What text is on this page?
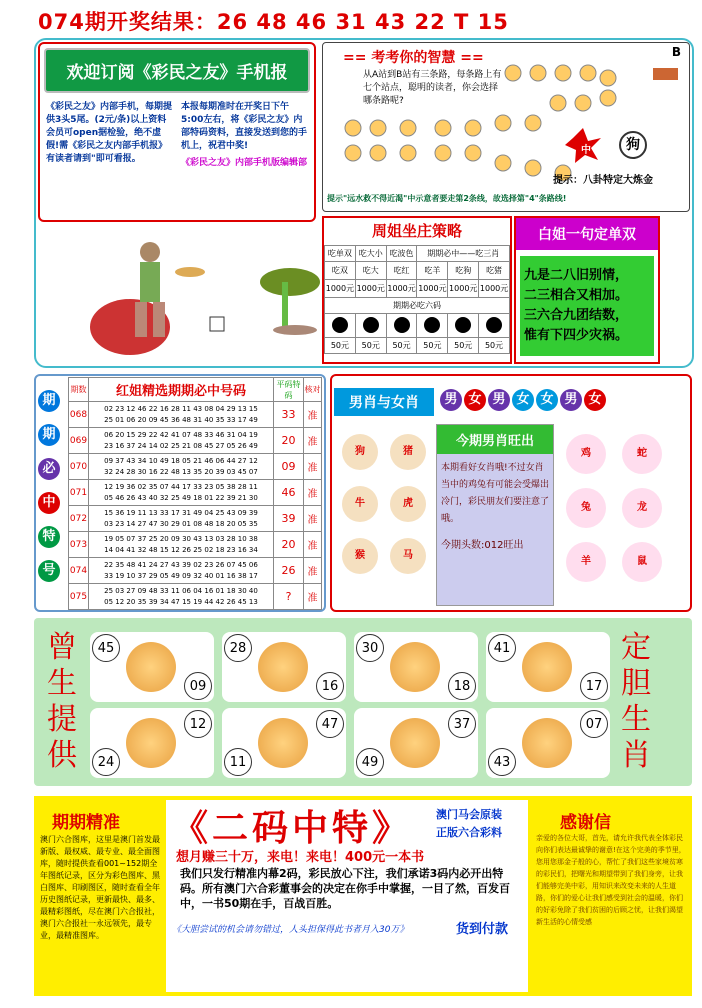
074期开奖结果：26 48 46 31 43 22 T 15
欢迎订阅《彩民之友》手机报
《彩民之友》内部手机，每期提供3头5尾。(2元/条)以上资料会员可open据检验，绝不虚假!需《彩民之友内部手机报》有读者请到"即可看报。
本报每期准时在开奖日下午5:00左右，将《彩民之友》内部特码资料，直接发送到您的手机上，祝君中奖!
《彩民之友》内部手机版编辑部
== 考考你的智慧 ==	B
从A站到B站有三条路，每条路上有七个站点，聪明的读者，你会选择哪条路呢?
中	狗
提示：八卦特定大炼金
提示"远水救不得近渴"中示意者要走第2条线，故选择第"4"条路线!
周姐坐庄策略
吃单双	吃大小	吃波色	期期必中——吃三肖		
吃双	吃大	吃红	吃羊	吃狗	吃猪
1000元	1000元	1000元	1000元	1000元	1000元
期期必吃六码					

50元	50元	50元	50元	50元	50元
白姐一句定单双
九是二八旧别情，
二三相合又相加。
三六合九团结数，
惟有下四少灾祸。
期
期
必
中
特
号
期数	红姐精选期期必中号码	平码特码	核对
068	02 23 12 46 22 16 28 11 43 08 04 29 13 15
25 01 06 20 09 45 36 48 31 40 35 33 17 49	33	准
069	06 20 15 29 22 42 41 07 48 33 46 31 04 19
23 16 37 24 14 02 25 21 08 45 27 05 26 49	20	准
070	09 37 43 34 10 49 18 05 21 46 06 44 27 12
32 24 28 30 16 22 48 13 35 20 39 03 45 07	09	准
071	12 19 36 02 35 07 44 17 33 23 05 38 28 11
05 46 26 43 40 32 25 49 18 01 22 39 21 30	46	准
072	15 36 19 11 13 33 17 31 49 04 25 43 09 39
03 23 14 27 47 30 29 01 08 48 18 20 05 35	39	准
073	19 05 07 37 25 20 09 30 43 13 03 28 10 38
14 04 41 32 48 15 12 26 25 02 18 23 16 34	20	准
074	22 35 48 41 24 27 43 39 02 23 26 07 45 06
33 19 10 37 29 05 49 09 32 40 01 16 38 17	26	准
075	25 03 27 09 48 33 11 06 04 16 01 18 30 40
05 12 20 35 39 34 47 15 19 44 42 26 45 13	?	准
男肖与女肖	男 女 男 女 女 男 女
狗	猪
牛	虎
猴	马
今期男肖旺出
本期看好女肖哦!不过女肖当中的鸡兔有可能会受爆出冷门，彩民朋友们要注意了哦。
今期头数:012旺出
鸡	蛇
兔	龙
羊	鼠
曾
生
提
供
定
胆
生
肖
45
09
28
16
30
18
41
17
12
24
47
11
37
49
07
43
期期精准
澳门六合图库，这里是澳门首发最新版、最权威、最专业、最全面图库，随时提供查看001~152期全年图纸记录，区分为彩色图库、黑白图库、印刷图区，随时查看全年历史图纸记录，更新最快、最多、最精彩图纸，尽在澳门六合报社，澳门六合报社一永远领先，最专业，最精准图库。
《二码中特》 澳门马会原装
正版六合彩料
想月赚三十万，来电！来电！400元一本书
我们只发行精准内幕2码，彩民放心下注，我们承诺3码内必开出特码。所有澳门六合彩董事会的决定在你手中掌握，一目了然，百发百中，一书50期在手，百战百胜。
《大胆尝试的机会请勿错过，人头担保得此书者月入30万》	货到付款
感谢信
亲爱的各位大哥，首先，请允许我代表全体彩民向你们表达最诚挚的谢意!在这个完美的季节里，您用您那金子般的心，帮忙了我们这些家境贫寒的彩民们，把曙光和期望带到了我们身旁，让我们能够完美中彩，用知识来改变未来的人生道路，你们的爱心让我们感受到社会的温暖，你们的好彩免除了我们贫困的后顾之忧，让我们渴望新生活的心情受感
